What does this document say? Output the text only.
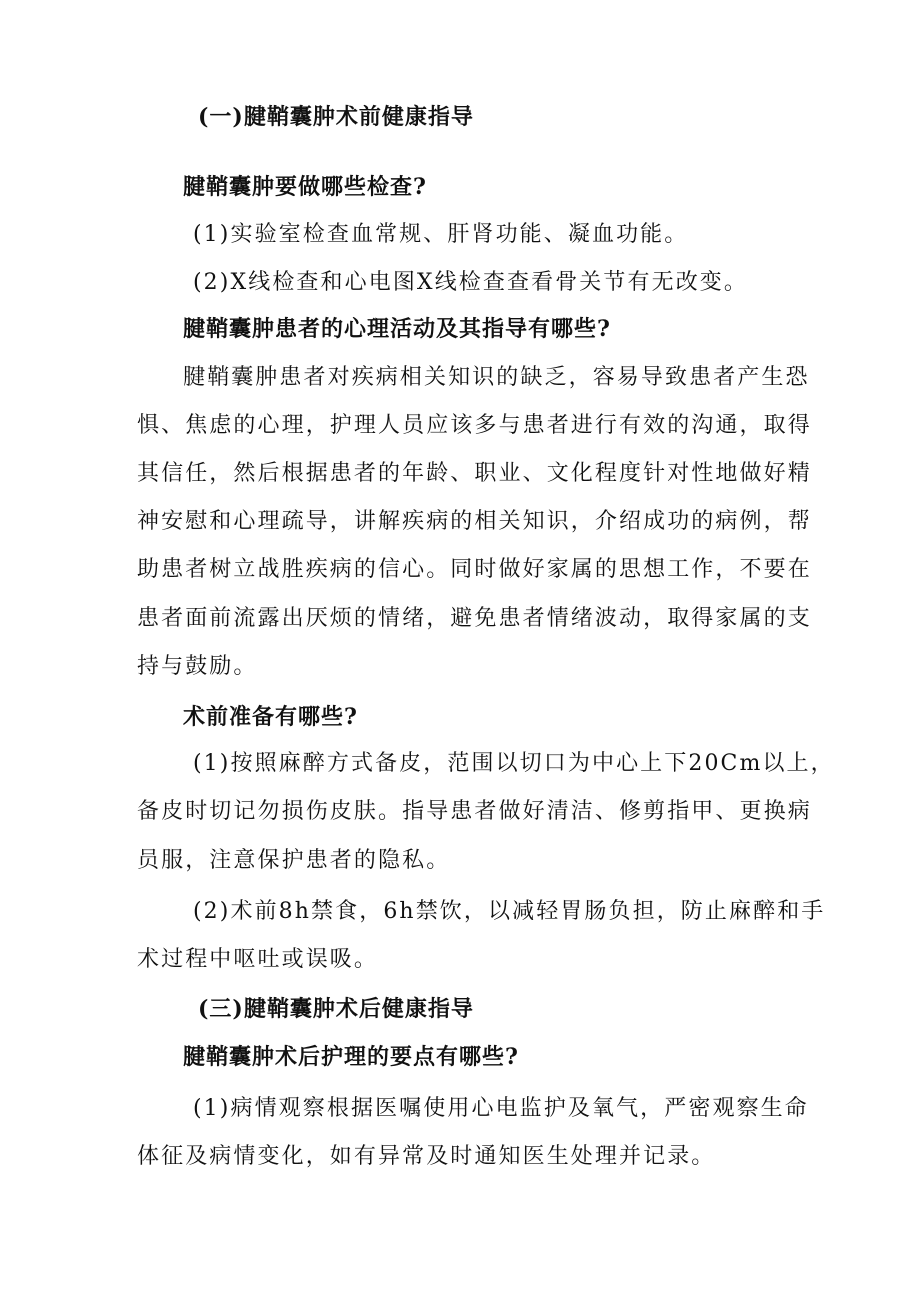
(一)腱鞘囊肿术前健康指导
腱鞘囊肿要做哪些检查?
(1)实验室检查血常规、肝肾功能、凝血功能。
(2)X线检查和心电图X线检查查看骨关节有无改变。
腱鞘囊肿患者的心理活动及其指导有哪些?
腱鞘囊肿患者对疾病相关知识的缺乏，容易导致患者产生恐
惧、焦虑的心理，护理人员应该多与患者进行有效的沟通，取得
其信任，然后根据患者的年龄、职业、文化程度针对性地做好精
神安慰和心理疏导，讲解疾病的相关知识，介绍成功的病例，帮
助患者树立战胜疾病的信心。同时做好家属的思想工作，不要在
患者面前流露出厌烦的情绪，避免患者情绪波动，取得家属的支
持与鼓励。
术前准备有哪些?
(1)按照麻醉方式备皮，范围以切口为中心上下20Cm以上，
备皮时切记勿损伤皮肤。指导患者做好清洁、修剪指甲、更换病
员服，注意保护患者的隐私。
(2)术前8h禁食，6h禁饮，以减轻胃肠负担，防止麻醉和手
术过程中呕吐或误吸。
(三)腱鞘囊肿术后健康指导
腱鞘囊肿术后护理的要点有哪些?
(1)病情观察根据医嘱使用心电监护及氧气，严密观察生命
体征及病情变化，如有异常及时通知医生处理并记录。
